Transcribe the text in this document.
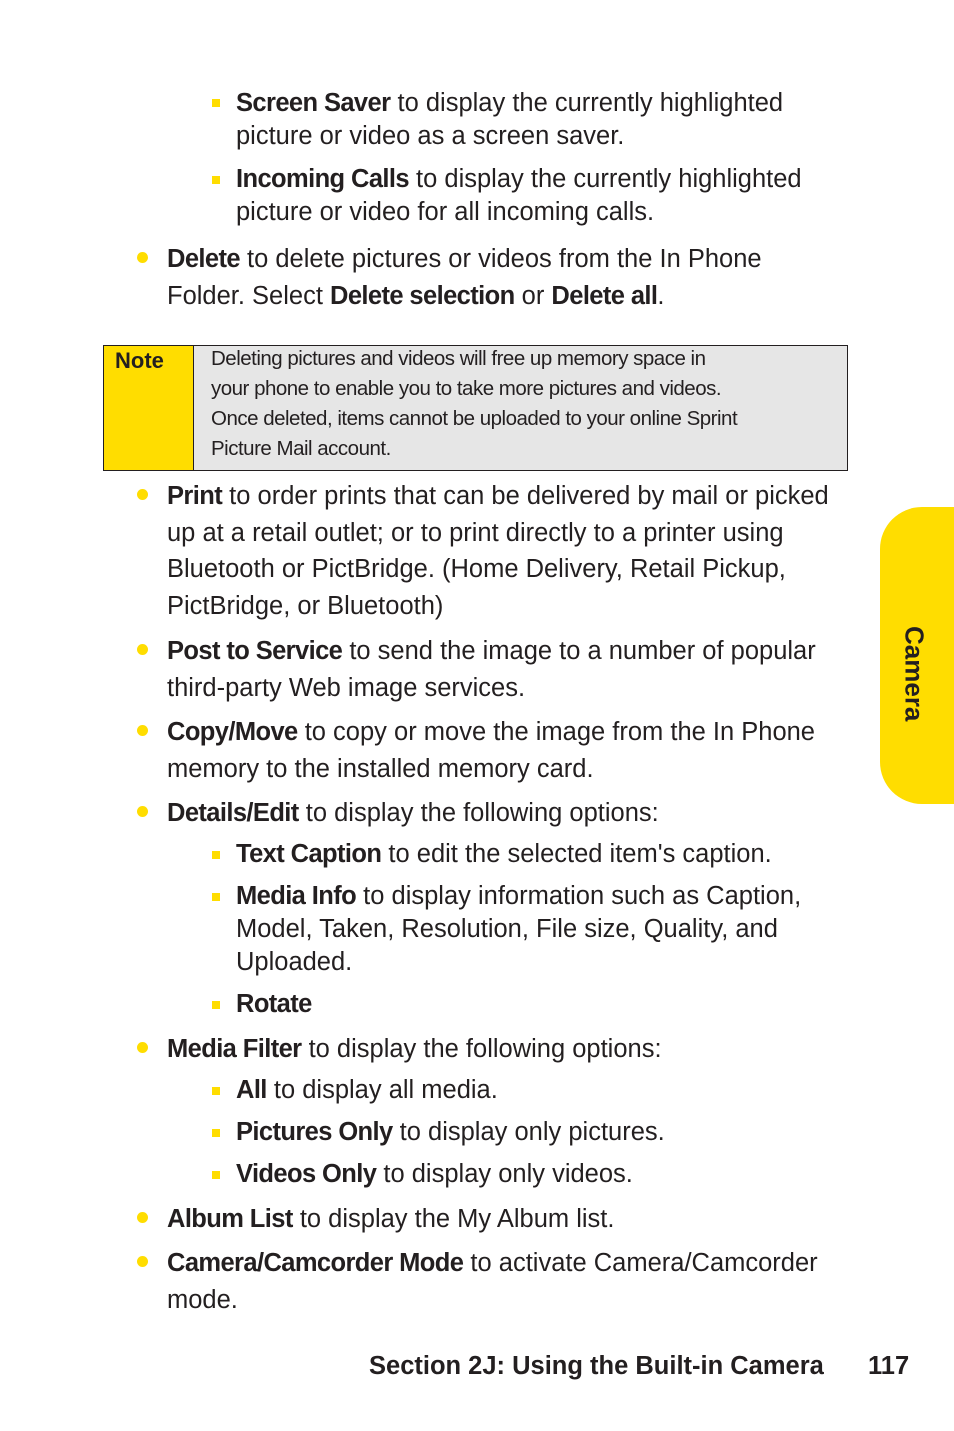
Screen Saver to display the currently highlighted picture or video as a screen saver.
Incoming Calls to display the currently highlighted picture or video for all incoming calls.
Delete to delete pictures or videos from the In Phone Folder. Select Delete selection or Delete all.
Note	Deleting pictures and videos will free up memory space in
your phone to enable you to take more pictures and videos.
Once deleted, items cannot be uploaded to your online Sprint
Picture Mail account.
Print to order prints that can be delivered by mail or picked up at a retail outlet; or to print directly to a printer using Bluetooth or PictBridge. (Home Delivery, Retail Pickup, PictBridge, or Bluetooth)
Post to Service to send the image to a number of popular third-party Web image services.
Copy/Move to copy or move the image from the In Phone memory to the installed memory card.
Details/Edit to display the following options:
Text Caption to edit the selected item's caption.
Media Info to display information such as Caption, Model, Taken, Resolution, File size, Quality, and Uploaded.
Rotate
Media Filter to display the following options:
All to display all media.
Pictures Only to display only pictures.
Videos Only to display only videos.
Album List to display the My Album list.
Camera/Camcorder Mode to activate Camera/Camcorder mode.
Camera
Section 2J: Using the Built-in Camera 117
